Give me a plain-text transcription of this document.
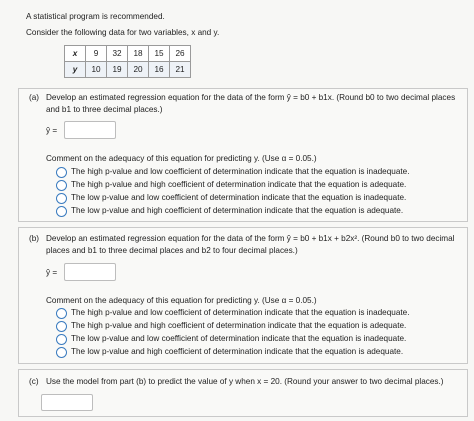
A statistical program is recommended.
Consider the following data for two variables, x and y.
x	9	32	18	15	26
y	10	19	20	16	21
(a) Develop an estimated regression equation for the data of the form ŷ = b0 + b1x. (Round b0 to two decimal places
and b1 to three decimal places.)
ŷ =
Comment on the adequacy of this equation for predicting y. (Use α = 0.05.)
The high p-value and low coefficient of determination indicate that the equation is inadequate.
The high p-value and high coefficient of determination indicate that the equation is adequate.
The low p-value and low coefficient of determination indicate that the equation is inadequate.
The low p-value and high coefficient of determination indicate that the equation is adequate.
(b) Develop an estimated regression equation for the data of the form ŷ = b0 + b1x + b2x². (Round b0 to two decimal
places and b1 to three decimal places and b2 to four decimal places.)
ŷ =
Comment on the adequacy of this equation for predicting y. (Use α = 0.05.)
The high p-value and low coefficient of determination indicate that the equation is inadequate.
The high p-value and high coefficient of determination indicate that the equation is adequate.
The low p-value and low coefficient of determination indicate that the equation is inadequate.
The low p-value and high coefficient of determination indicate that the equation is adequate.
(c) Use the model from part (b) to predict the value of y when x = 20. (Round your answer to two decimal places.)
